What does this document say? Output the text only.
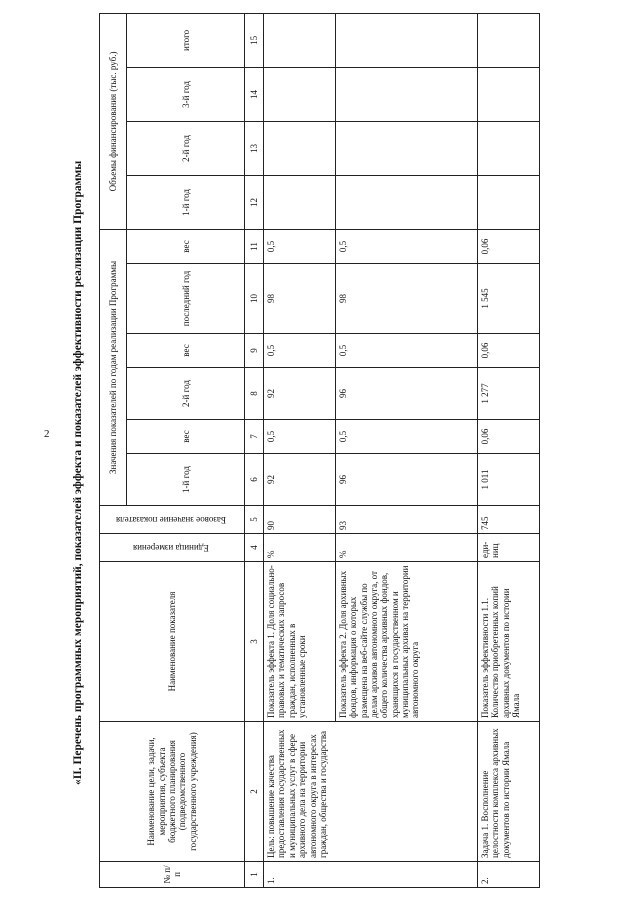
2 «II. Перечень программных мероприятий, показателей эффекта и показателей эффективности реализации Программы
№ п/п	Наименование цели, задачи, мероприятия, субъекта бюджетного планирования (подведомственного государственного учреждения)	Наименование показателя	Единица измерения	Базовое значение показателя	Значения показателей по годам реализации Программы						Объемы финансирования (тыс. руб.)			
					1-й год	вес	2-й год	вес	последний год	вес	1-й год	2-й год	3-й год	итого

1	2	3	4	5	6	7	8	9	10	11	12	13	14	15
1.	Цель: повышение качества предоставления государственных и муниципальных услуг в сфере архивного дела на территории автономного округа в интересах граждан, общества и государства	Показатель эффекта 1. Доля социально-правовых и тематических запросов граждан, исполненных в установленные сроки	%	90	92	0,5	92	0,5	98	0,5				
		Показатель эффекта 2. Доля архивных фондов, информация о которых размещена на веб-сайте службы по делам архивов автономного округа, от общего количества архивных фондов, хранящихся в государственном и муниципальных архивах на территории автономного округа	%	93	96	0,5	96	0,5	98	0,5				
2.	Задача 1. Восполнение целостности комплекса архивных документов по истории Ямала	Показатель эффективности 1.1. Количество приобретенных копий архивных документов по истории Ямала	еди-ниц	745	1 011	0,06	1 277	0,06	1 545	0,06				
